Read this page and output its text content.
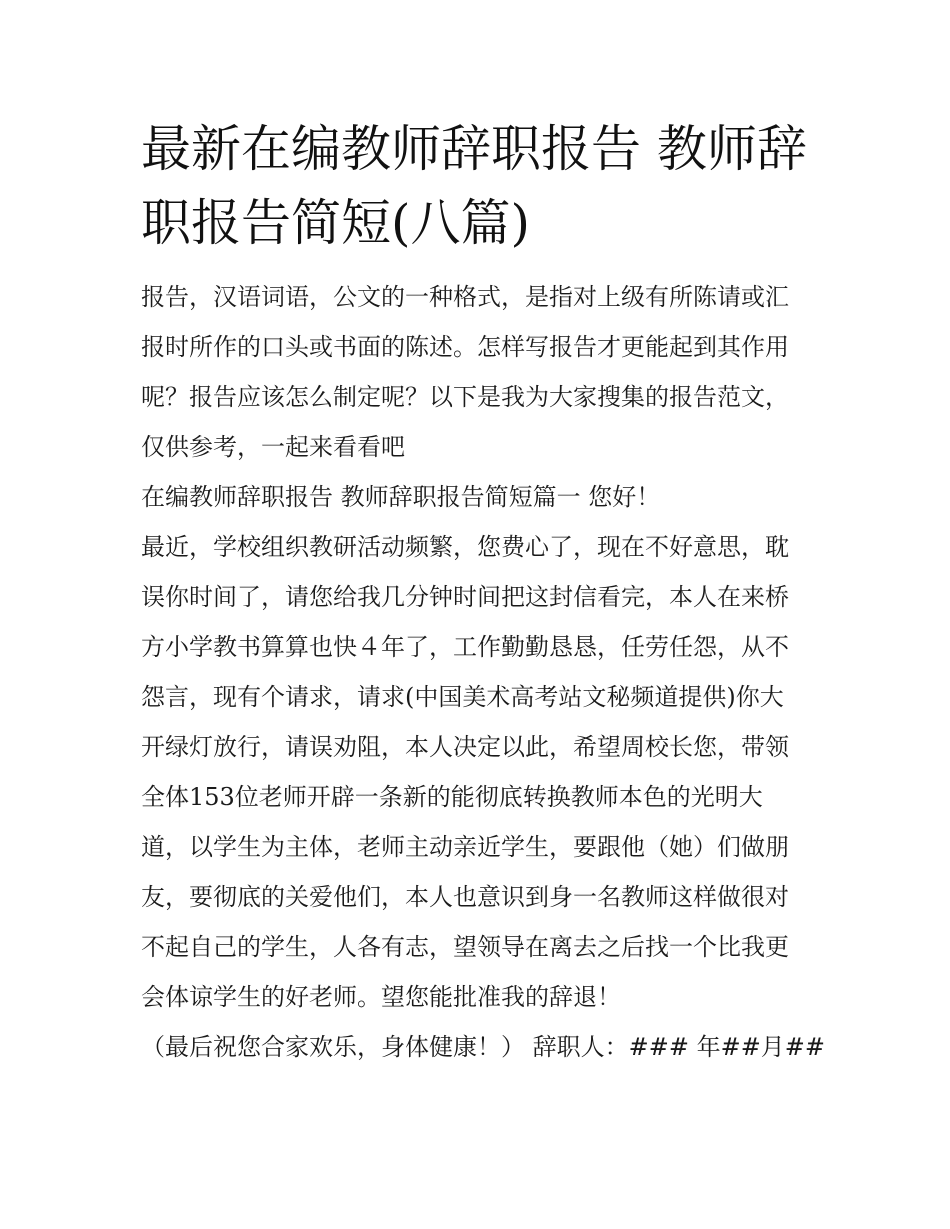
最新在编教师辞职报告 教师辞
职报告简短(八篇)

报告，汉语词语，公文的一种格式，是指对上级有所陈请或汇
报时所作的口头或书面的陈述。怎样写报告才更能起到其作用
呢？报告应该怎么制定呢？以下是我为大家搜集的报告范文，
仅供参考，一起来看看吧

在编教师辞职报告 教师辞职报告简短篇一 您好！

最近，学校组织教研活动频繁，您费心了，现在不好意思，耽
误你时间了，请您给我几分钟时间把这封信看完，本人在来桥
方小学教书算算也快４年了，工作勤勤恳恳，任劳任怨，从不
怨言，现有个请求，请求(中国美术高考站文秘频道提供)你大
开绿灯放行，请误劝阻，本人决定以此，希望周校长您，带领
全体153位老师开辟一条新的能彻底转换教师本色的光明大
道，以学生为主体，老师主动亲近学生，要跟他（她）们做朋
友，要彻底的关爱他们，本人也意识到身一名教师这样做很对
不起自己的学生，人各有志，望领导在离去之后找一个比我更
会体谅学生的好老师。望您能批准我的辞退！

（最后祝您合家欢乐，身体健康！） 辞职人：### 年##月##
